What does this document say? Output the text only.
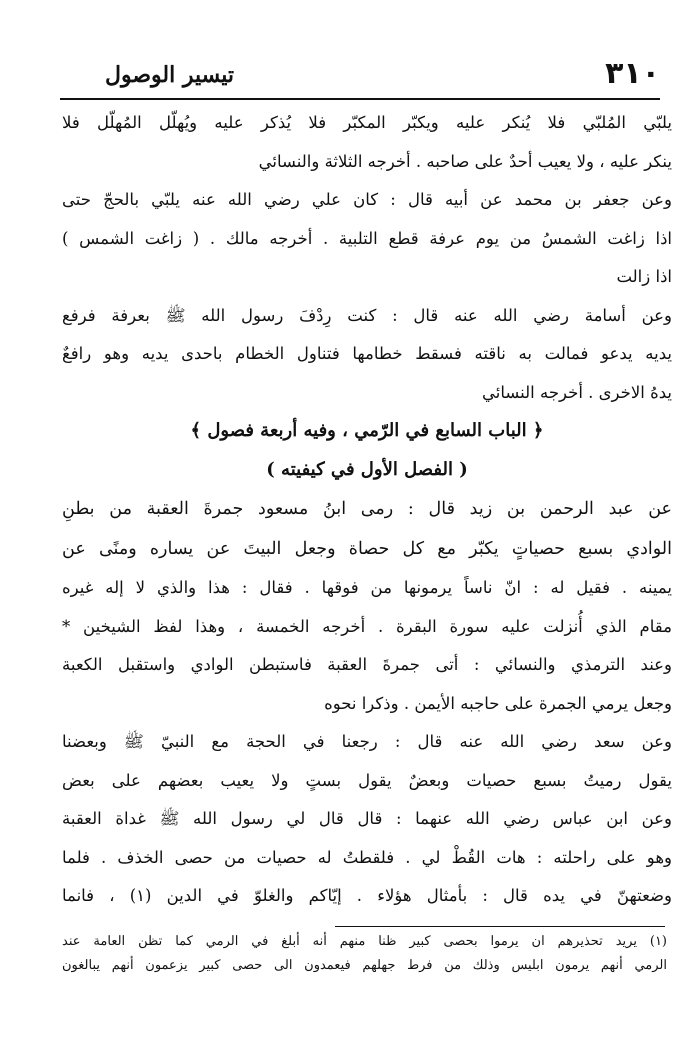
٣١٠
تيسير الوصول
يلبّي المُلبّي فلا يُنكر عليه ويكبّر المكبّر فلا يُذكر عليه ويُهلّل المُهلّل فلا
ينكر عليه ، ولا يعيب أحدٌ على صاحبه . أخرجه الثلاثة والنسائي
وعن جعفر بن محمد عن أبيه قال : كان علي رضي الله عنه يلبّي بالحجّ حتى
اذا زاغت الشمسُ من يوم عرفة قطع التلبية . أخرجه مالك . ( زاغت الشمس )
اذا زالت
وعن أسامة رضي الله عنه قال : كنت رِدْفَ رسول الله ﷺ بعرفة فرفع
يديه يدعو فمالت به ناقته فسقط خطامها فتناول الخطام باحدى يديه وهو رافعٌ
يدهُ الاخرى . أخرجه النسائي
﴿ الباب السابع في الرّمي ، وفيه أربعة فصول ﴾
( الفصل الأول في كيفيته )
عن عبد الرحمن بن زيد قال : رمى ابنُ مسعود جمرةَ العقبة من بطنِ
الوادي بسبع حصياتٍ يكبّر مع كل حصاة وجعل البيتَ عن يساره ومنًى عن
يمينه . فقيل له : انّ ناساً يرمونها من فوقها . فقال : هذا والذي لا إله غيره
مقام الذي أُنزلت عليه سورة البقرة . أخرجه الخمسة ، وهذا لفظ الشيخين *
وعند الترمذي والنسائي : أتى جمرةَ العقبة فاستبطن الوادي واستقبل الكعبة
وجعل يرمي الجمرة على حاجبه الأيمن . وذكرا نحوه
وعن سعد رضي الله عنه قال : رجعنا في الحجة مع النبيّ ﷺ وبعضنا
يقول رميتُ بسبع حصيات وبعضٌ يقول بستٍ ولا يعيب بعضهم على بعض
وعن ابن عباس رضي الله عنهما : قال قال لي رسول الله ﷺ غداة العقبة
وهو على راحلته : هات القُطْ لي . فلقطتُ له حصيات من حصى الخذف . فلما
وضعتهنّ في يده قال : بأمثال هؤلاء . إيّاكم والغلوّ في الدين (١) ، فانما
(١) يريد تحذيرهم ان يرموا بحصى كبير ظنا منهم أنه أبلغ في الرمي كما تظن العامة عند
الرمي أنهم يرمون ابليس وذلك من فرط جهلهم فيعمدون الى حصى كبير يزعمون أنهم يبالغون
